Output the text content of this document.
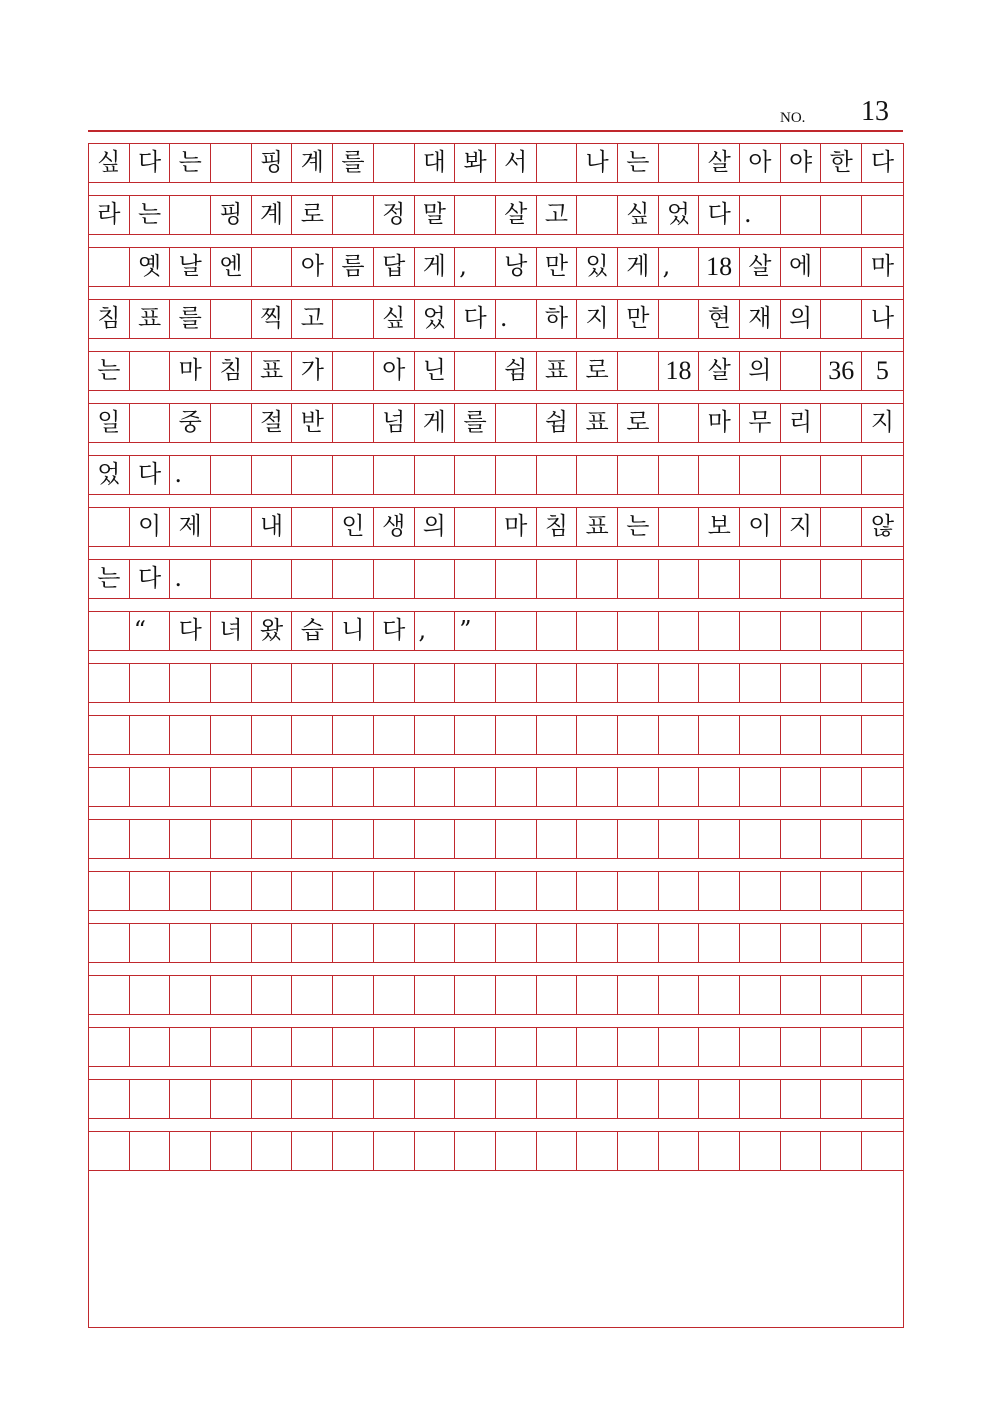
NO. 13
싶 다 는	핑 계 를	대 봐 서	나 는	살 아 야 한 다
라 는	핑 계 로	정 말	살 고	싶 었 다 .
옛 날 엔	아 름 답 게 ,	낭 만 있 게 ,	18 살 에	마
침 표 를	찍 고	싶 었 다 .	하 지 만	현 재 의	나
는	마 침 표 가	아 닌	쉼 표 로	18 살 의	36 5
일	중	절 반	넘 게 를	쉼 표 로	마 무 리	지
었 다 .
이 제	내	인 생 의	마 침 표 는	보 이 지	않
는 다 .
“	다 녀 왔 습 니 다 ,	”
